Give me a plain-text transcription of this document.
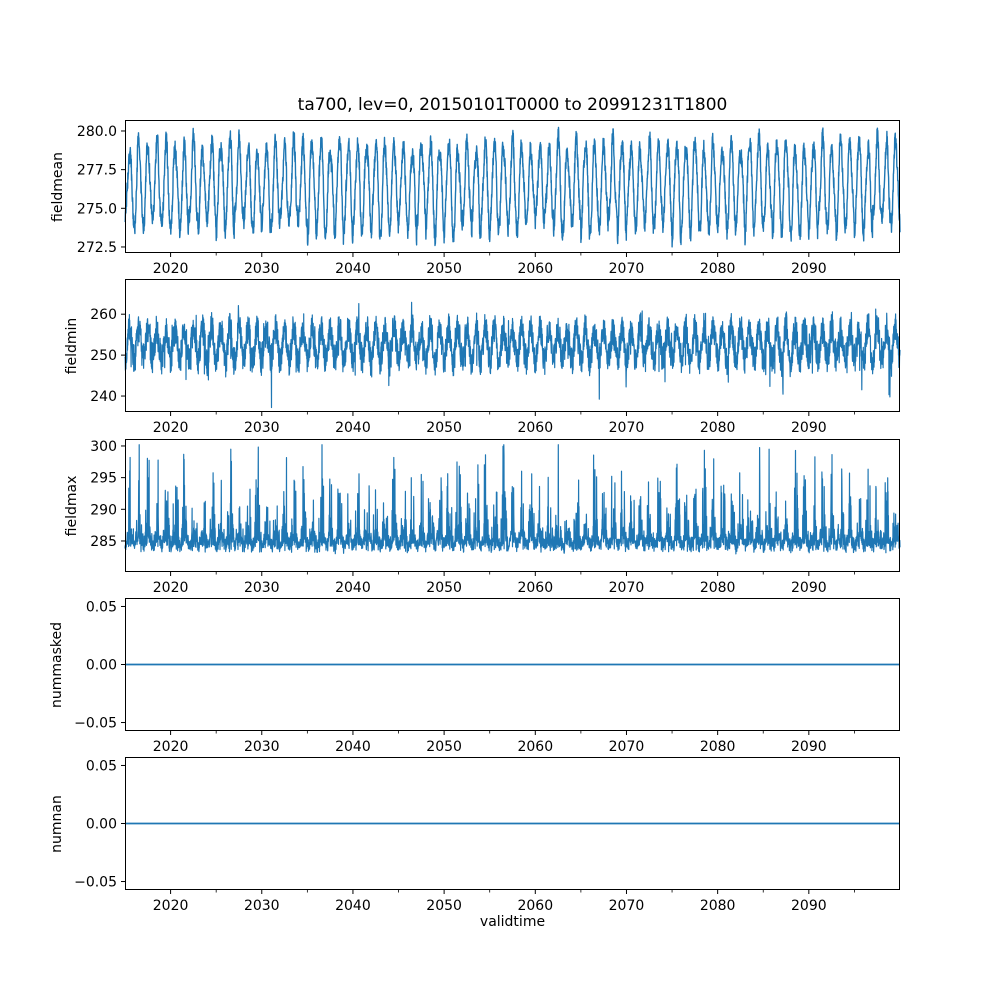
ta700, lev=0, 20150101T0000 to 20991231T1800
fieldmean
2020	2030	2040	2050	2060	2070	2080	2090
272.5
275.0
277.5
280.0
fieldmin
2020	2030	2040	2050	2060	2070	2080	2090
240
250
260
fieldmax
2020	2030	2040	2050	2060	2070	2080	2090
285
290
295
300
nummasked
2020	2030	2040	2050	2060	2070	2080	2090
0.05
0.00
−0.05
numnan
2020	2030	2040	2050	2060	2070	2080	2090
0.05
0.00
−0.05
validtime
